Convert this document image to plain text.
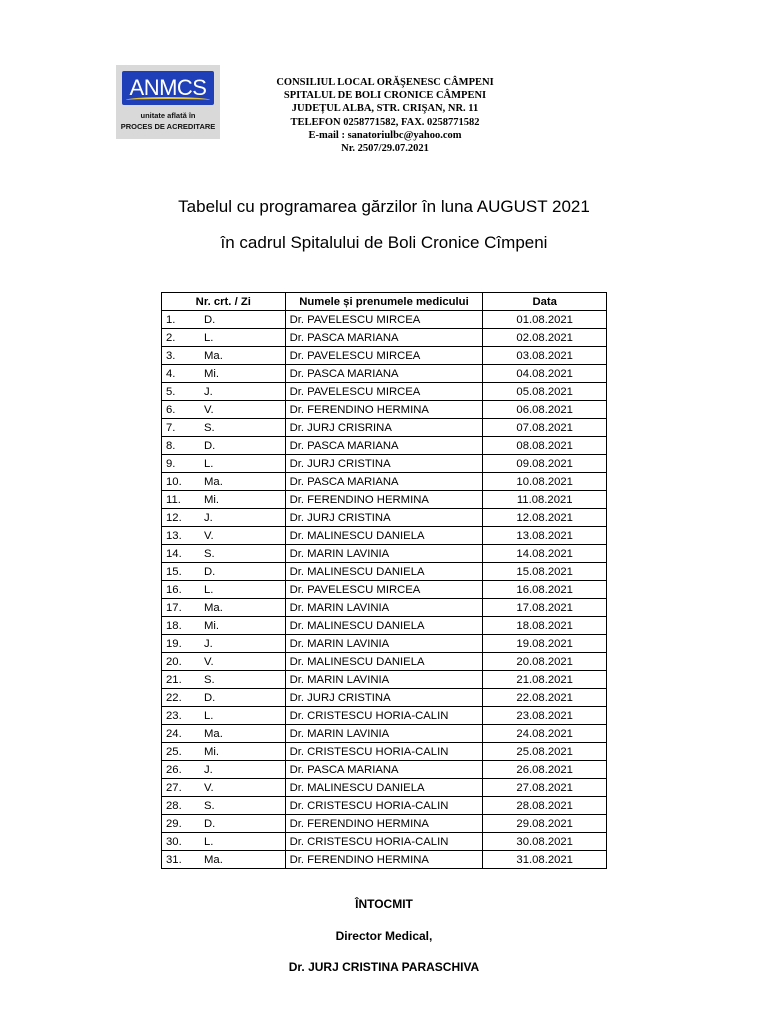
ANMCS
unitate aflată în
PROCES DE ACREDITARE
CONSILIUL LOCAL ORĂŞENESC CÂMPENI
SPITALUL DE BOLI CRONICE CÂMPENI
JUDEȚUL ALBA, STR. CRIŞAN, NR. 11
TELEFON 0258771582, FAX. 0258771582
E-mail : sanatoriulbc@yahoo.com
Nr. 2507/29.07.2021
Tabelul cu programarea gărzilor în luna AUGUST 2021
în cadrul Spitalului de Boli Cronice Cîmpeni
Nr. crt. / Zi	Numele și prenumele medicului	Data
1. D.	Dr. PAVELESCU MIRCEA	01.08.2021
2. L.	Dr. PASCA MARIANA	02.08.2021
3. Ma.	Dr. PAVELESCU MIRCEA	03.08.2021
4. Mi.	Dr. PASCA MARIANA	04.08.2021
5. J.	Dr. PAVELESCU MIRCEA	05.08.2021
6. V.	Dr. FERENDINO HERMINA	06.08.2021
7. S.	Dr. JURJ CRISRINA	07.08.2021
8. D.	Dr. PASCA MARIANA	08.08.2021
9. L.	Dr. JURJ CRISTINA	09.08.2021
10. Ma.	Dr. PASCA MARIANA	10.08.2021
11. Mi.	Dr. FERENDINO HERMINA	11.08.2021
12. J.	Dr. JURJ CRISTINA	12.08.2021
13. V.	Dr. MALINESCU DANIELA	13.08.2021
14. S.	Dr. MARIN LAVINIA	14.08.2021
15. D.	Dr. MALINESCU DANIELA	15.08.2021
16. L.	Dr. PAVELESCU MIRCEA	16.08.2021
17. Ma.	Dr. MARIN LAVINIA	17.08.2021
18. Mi.	Dr. MALINESCU DANIELA	18.08.2021
19. J.	Dr. MARIN LAVINIA	19.08.2021
20. V.	Dr. MALINESCU DANIELA	20.08.2021
21. S.	Dr. MARIN LAVINIA	21.08.2021
22. D.	Dr. JURJ CRISTINA	22.08.2021
23. L.	Dr. CRISTESCU HORIA-CALIN	23.08.2021
24. Ma.	Dr. MARIN LAVINIA	24.08.2021
25. Mi.	Dr. CRISTESCU HORIA-CALIN	25.08.2021
26. J.	Dr. PASCA MARIANA	26.08.2021
27. V.	Dr. MALINESCU DANIELA	27.08.2021
28. S.	Dr. CRISTESCU HORIA-CALIN	28.08.2021
29. D.	Dr. FERENDINO HERMINA	29.08.2021
30. L.	Dr. CRISTESCU HORIA-CALIN	30.08.2021
31. Ma.	Dr. FERENDINO HERMINA	31.08.2021
ÎNTOCMIT
Director Medical,
Dr. JURJ CRISTINA PARASCHIVA
